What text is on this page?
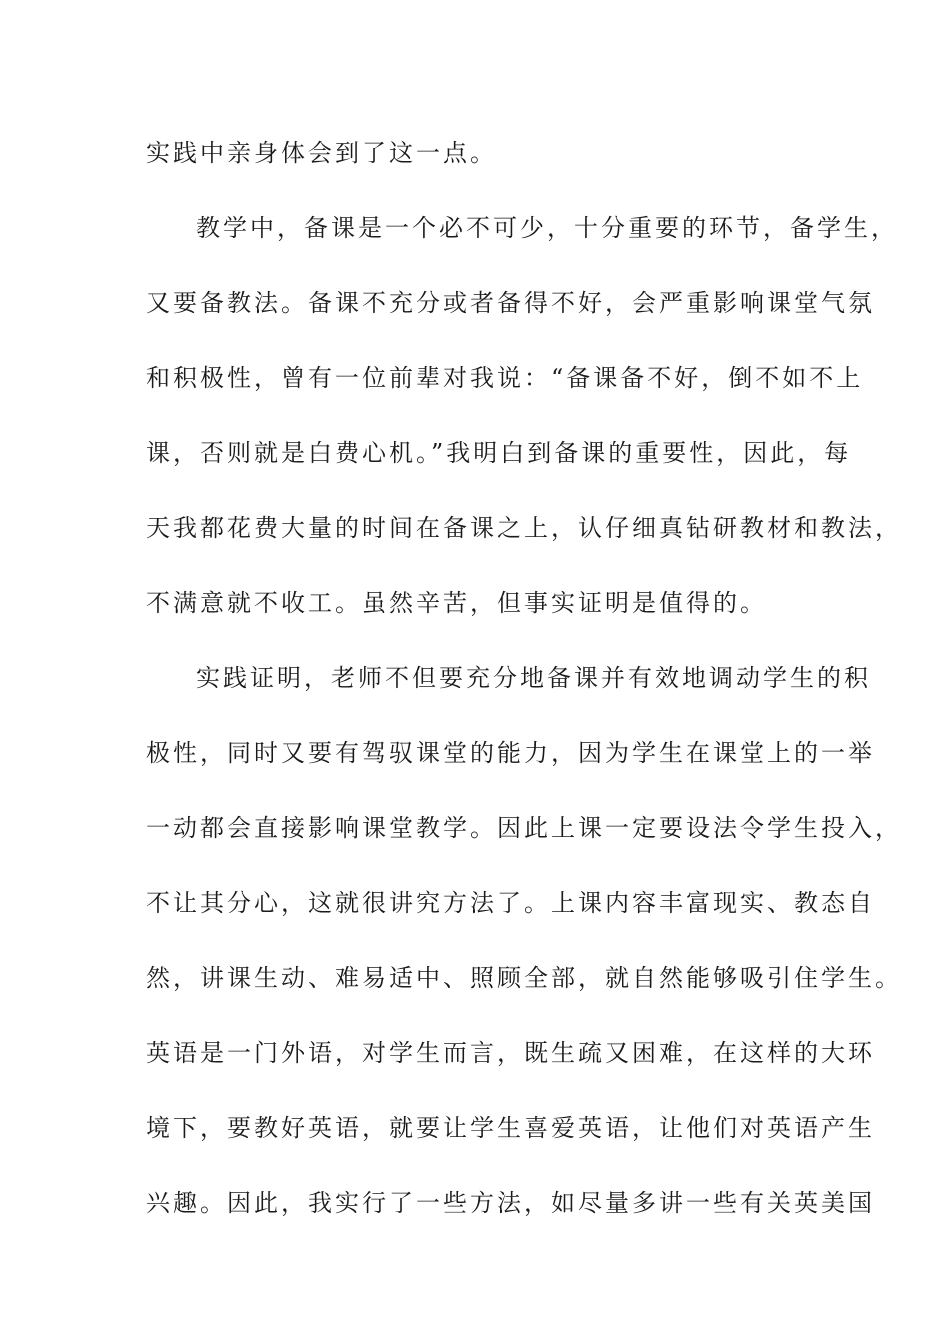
实践中亲身体会到了这一点。
教学中，备课是一个必不可少，十分重要的环节，备学生，
又要备教法。备课不充分或者备得不好，会严重影响课堂气氛
和积极性，曾有一位前辈对我说：“备课备不好，倒不如不上
课，否则就是白费心机。”我明白到备课的重要性，因此，每
天我都花费大量的时间在备课之上，认仔细真钻研教材和教法，
不满意就不收工。虽然辛苦，但事实证明是值得的。
实践证明，老师不但要充分地备课并有效地调动学生的积
极性，同时又要有驾驭课堂的能力，因为学生在课堂上的一举
一动都会直接影响课堂教学。因此上课一定要设法令学生投入，
不让其分心，这就很讲究方法了。上课内容丰富现实、教态自
然，讲课生动、难易适中、照顾全部，就自然能够吸引住学生。
英语是一门外语，对学生而言，既生疏又困难，在这样的大环
境下，要教好英语，就要让学生喜爱英语，让他们对英语产生
兴趣。因此，我实行了一些方法，如尽量多讲一些有关英美国
